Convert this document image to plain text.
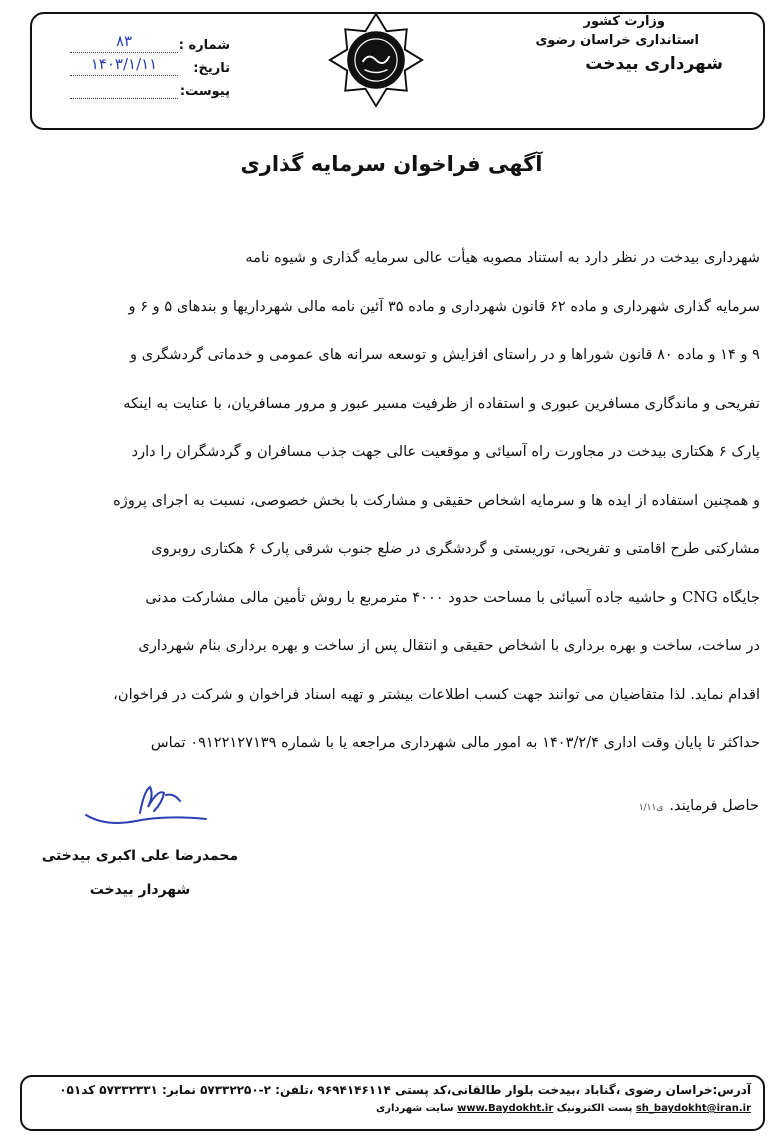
وزارت کشور
استانداری خراسان رضوی
شهرداری بیدخت
شماره :
۸۳
تاریخ:
۱۴۰۳/۱/۱۱
پیوست:
آگهی فراخوان سرمایه گذاری
شهرداری بیدخت در نظر دارد به استناد مصوبه هیأت عالی سرمایه گذاری و شیوه نامه
سرمایه گذاری شهرداری و ماده ۶۲ قانون شهرداری و ماده ۳۵ آئین نامه مالی شهرداریها و بندهای ۵ و ۶ و
۹ و ۱۴ و ماده ۸۰ قانون شوراها و در راستای افزایش و توسعه سرانه های عمومی و خدماتی گردشگری و
تفریحی و ماندگاری مسافرین عبوری و استفاده از ظرفیت مسیر عبور و مرور مسافریان، با عنایت به اینکه
پارک ۶ هکتاری بیدخت در مجاورت راه آسیائی و موقعیت عالی جهت جذب مسافران و گردشگران را دارد
و همچنین استفاده از ایده ها و سرمایه اشخاص حقیقی و مشارکت با بخش خصوصی، نسبت به اجرای پروژه
مشارکتی طرح اقامتی و تفریحی، توریستی و گردشگری در ضلع جنوب شرقی پارک ۶ هکتاری روبروی
جایگاه CNG و حاشیه جاده آسیائی با مساحت حدود ۴۰۰۰ مترمربع با روش تأمین مالی مشارکت مدنی
در ساخت، ساخت و بهره برداری با اشخاص حقیقی و انتقال پس از ساخت و بهره برداری بنام شهرداری
اقدام نماید. لذا متقاضیان می توانند جهت کسب اطلاعات بیشتر و تهیه اسناد فراخوان و شرکت در فراخوان،
حداکثر تا پایان وقت اداری ۱۴۰۳/۲/۴ به امور مالی شهرداری مراجعه یا با شماره ۰۹۱۲۲۱۲۷۱۳۹ تماس
حاصل فرمایند.
ی۱/۱۱
محمدرضا علی اکبری بیدختی
شهردار بیدخت
آدرس:خراسان رضوی ،گناباد ،بیدخت بلوار طالقانی،کد پستی ۹۶۹۴۱۴۶۱۱۴ ،تلفن: ۲-۵۷۳۳۲۲۵۰ نمابر: ۵۷۳۳۲۳۳۱ کد۰۵۱
sh_baydokht@iran.ir پست الکترونیک www.Baydokht.ir سایت شهرداری
